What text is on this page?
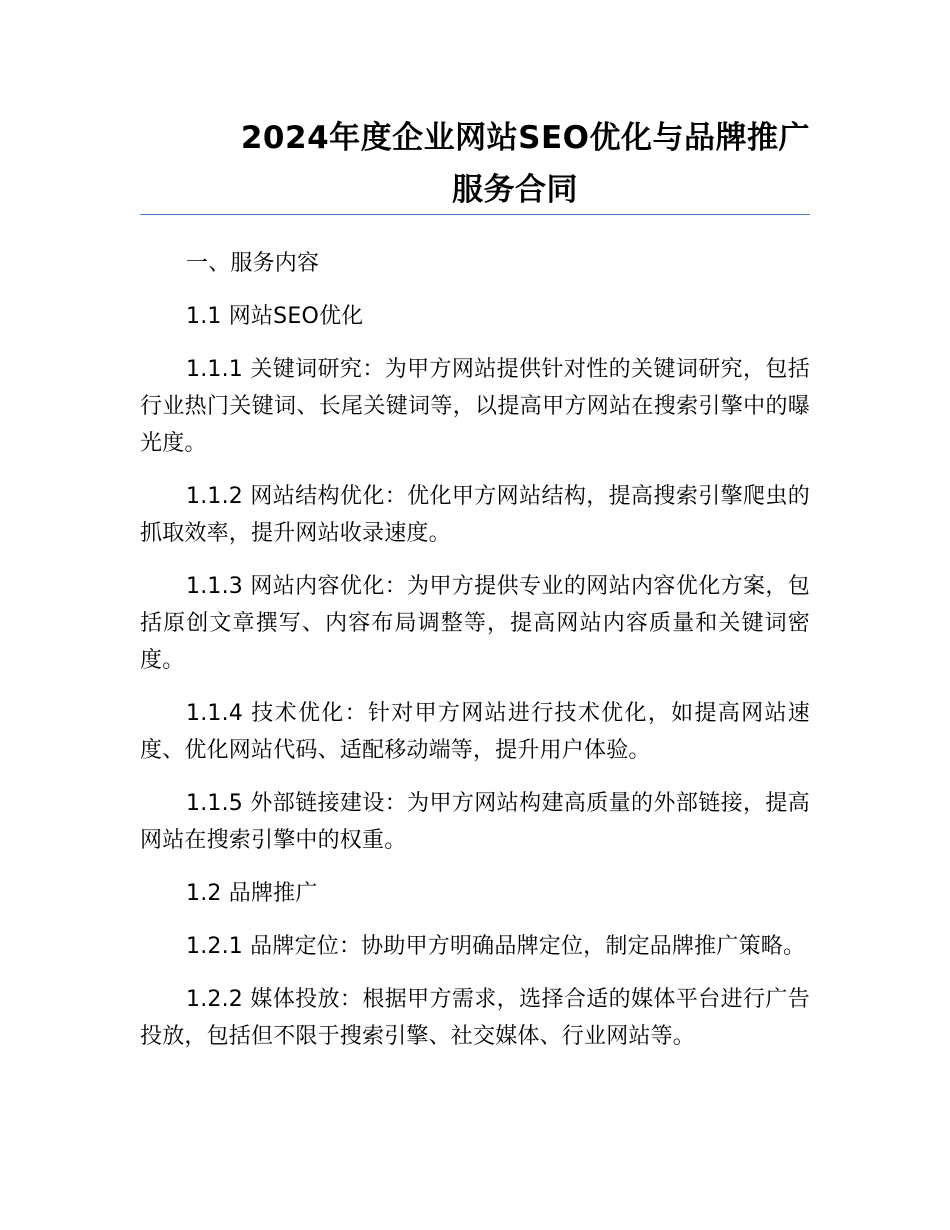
2024年度企业网站SEO优化与品牌推广
服务合同

一、服务内容

1.1 网站SEO优化

1.1.1 关键词研究：为甲方网站提供针对性的关键词研究，包括行业热门关键词、长尾关键词等，以提高甲方网站在搜索引擎中的曝光度。

1.1.2 网站结构优化：优化甲方网站结构，提高搜索引擎爬虫的抓取效率，提升网站收录速度。

1.1.3 网站内容优化：为甲方提供专业的网站内容优化方案，包括原创文章撰写、内容布局调整等，提高网站内容质量和关键词密度。

1.1.4 技术优化：针对甲方网站进行技术优化，如提高网站速度、优化网站代码、适配移动端等，提升用户体验。

1.1.5 外部链接建设：为甲方网站构建高质量的外部链接，提高网站在搜索引擎中的权重。

1.2 品牌推广

1.2.1 品牌定位：协助甲方明确品牌定位，制定品牌推广策略。

1.2.2 媒体投放：根据甲方需求，选择合适的媒体平台进行广告投放，包括但不限于搜索引擎、社交媒体、行业网站等。
